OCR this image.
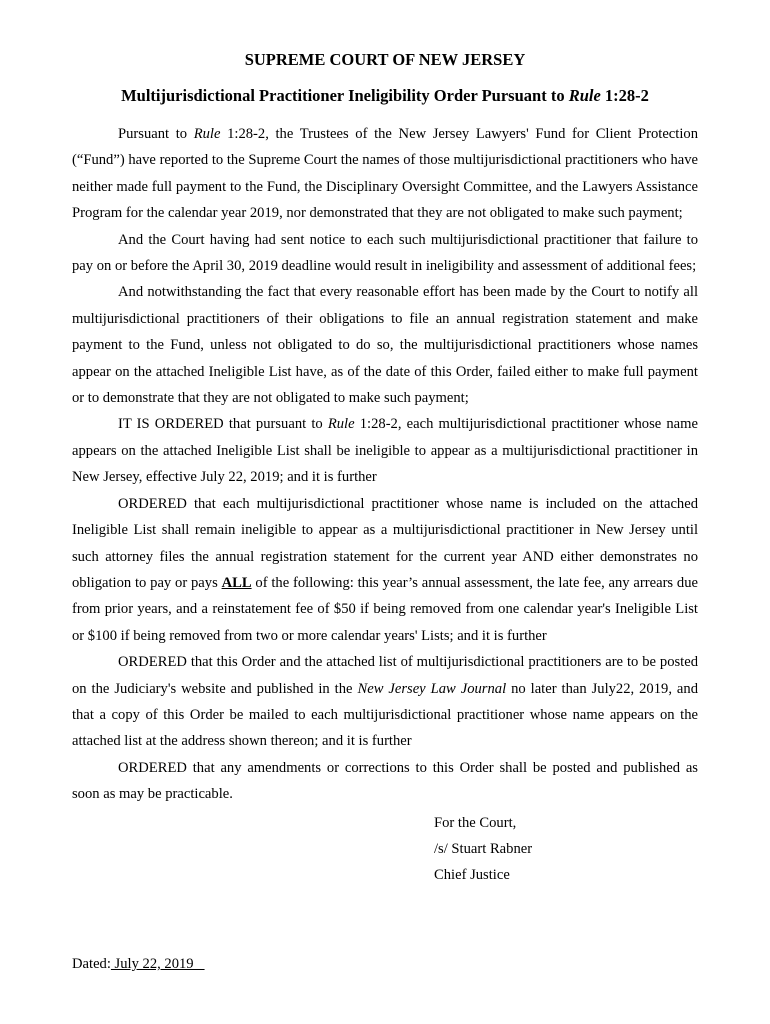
SUPREME COURT OF NEW JERSEY
Multijurisdictional Practitioner Ineligibility Order Pursuant to Rule 1:28-2

Pursuant to Rule 1:28-2, the Trustees of the New Jersey Lawyers' Fund for Client Protection (“Fund”) have reported to the Supreme Court the names of those multijurisdictional practitioners who have neither made full payment to the Fund, the Disciplinary Oversight Committee, and the Lawyers Assistance Program for the calendar year 2019, nor demonstrated that they are not obligated to make such payment;

And the Court having had sent notice to each such multijurisdictional practitioner that failure to pay on or before the April 30, 2019 deadline would result in ineligibility and assessment of additional fees;

And notwithstanding the fact that every reasonable effort has been made by the Court to notify all multijurisdictional practitioners of their obligations to file an annual registration statement and make payment to the Fund, unless not obligated to do so, the multijurisdictional practitioners whose names appear on the attached Ineligible List have, as of the date of this Order, failed either to make full payment or to demonstrate that they are not obligated to make such payment;

IT IS ORDERED that pursuant to Rule 1:28-2, each multijurisdictional practitioner whose name appears on the attached Ineligible List shall be ineligible to appear as a multijurisdictional practitioner in New Jersey, effective July 22, 2019; and it is further

ORDERED that each multijurisdictional practitioner whose name is included on the attached Ineligible List shall remain ineligible to appear as a multijurisdictional practitioner in New Jersey until such attorney files the annual registration statement for the current year AND either demonstrates no obligation to pay or pays ALL of the following: this year’s annual assessment, the late fee, any arrears due from prior years, and a reinstatement fee of $50 if being removed from one calendar year's Ineligible List or $100 if being removed from two or more calendar years' Lists; and it is further

ORDERED that this Order and the attached list of multijurisdictional practitioners are to be posted on the Judiciary's website and published in the New Jersey Law Journal no later than July22, 2019, and that a copy of this Order be mailed to each multijurisdictional practitioner whose name appears on the attached list at the address shown thereon; and it is further

ORDERED that any amendments or corrections to this Order shall be posted and published as soon as may be practicable.

For the Court,
/s/ Stuart Rabner
Chief Justice
Dated: July 22, 2019
